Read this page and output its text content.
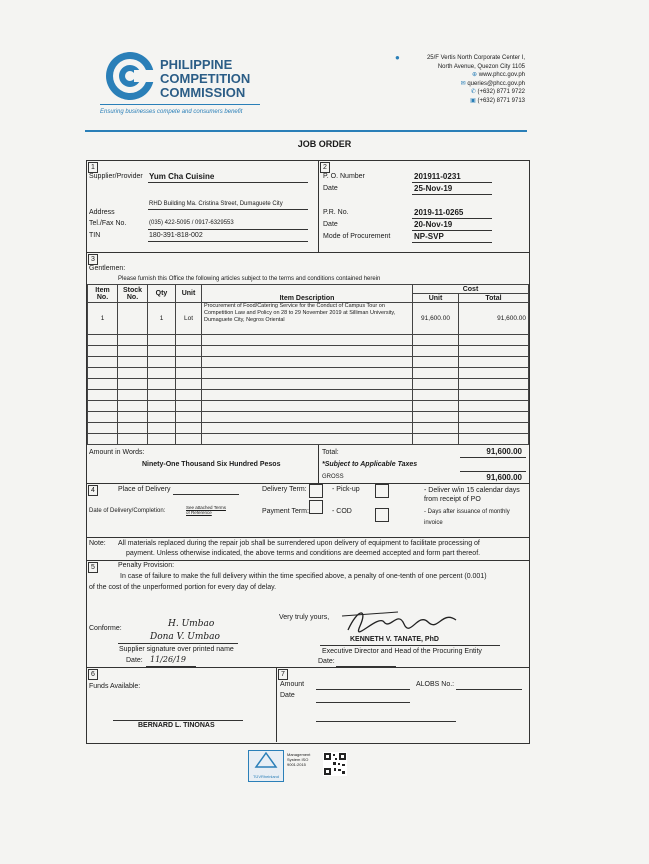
PHILIPPINE
COMPETITION
COMMISSION
Ensuring businesses compete and consumers benefit
●	25/F Vertis North Corporate Center I,
North Avenue, Quezon City 1105
⊕ www.phcc.gov.ph
✉ queries@phcc.gov.ph
✆ (+632) 8771 9722
▣ (+632) 8771 9713
JOB ORDER
1	2
Supplier/Provider Yum Cha Cuisine
Address
RHD Building Ma. Cristina Street, Dumaguete City
Tel./Fax No.	(035) 422-5095 / 0917-6329553
TIN	180-391-818-002
P. O. Number	201911-0231
Date	25-Nov-19
P.R. No.	2019-11-0265
Date	20-Nov-19
Mode of Procurement	NP-SVP
3
Gentlemen:
Please furnish this Office the following articles subject to the terms and conditions contained herein
Item No.	Stock No.	Qty	Unit	Item Description	Cost	
					Unit	Total
1		1	Lot	Procurement of Food/Catering Service for the Conduct of Campus Tour on Competition Law and Policy on 28 to 29 November 2019 at Silliman University, Dumaguete City, Negros Oriental	91,600.00	91,600.00

Amount in Words:
Ninety-One Thousand Six Hundred Pesos
Total:	91,600.00
*Subject to Applicable Taxes
GROSS	91,600.00
4	Place of Delivery
Date of Delivery/Completion:
See attached Terms of Reference
Delivery Term:	- Pick-up	- Deliver w/in 15 calendar days from receipt of PO
Payment Term:	- COD	- Days after issuance of monthly invoice
Note: All materials replaced during the repair job shall be surrendered upon delivery of equipment to facilitate processing of
payment. Unless otherwise indicated, the above terms and conditions are deemed accepted and form part thereof.
5	Penalty Provision:
In case of failure to make the full delivery within the time specified above, a penalty of one-tenth of one percent (0.001)
of the cost of the unperformed portion for every day of delay.
Very truly yours,
Conforme:	H. Umbao
Dona V. Umbao
Supplier signature over printed name
Date: 11/26/19
KENNETH V. TANATE, PhD
Executive Director and Head of the Procuring Entity
Date:
6	7
Funds Available:
BERNARD L. TINONAS
Amount
Date
ALOBS No.:
TÜVRheinland
Management System ISO 9001:2015
